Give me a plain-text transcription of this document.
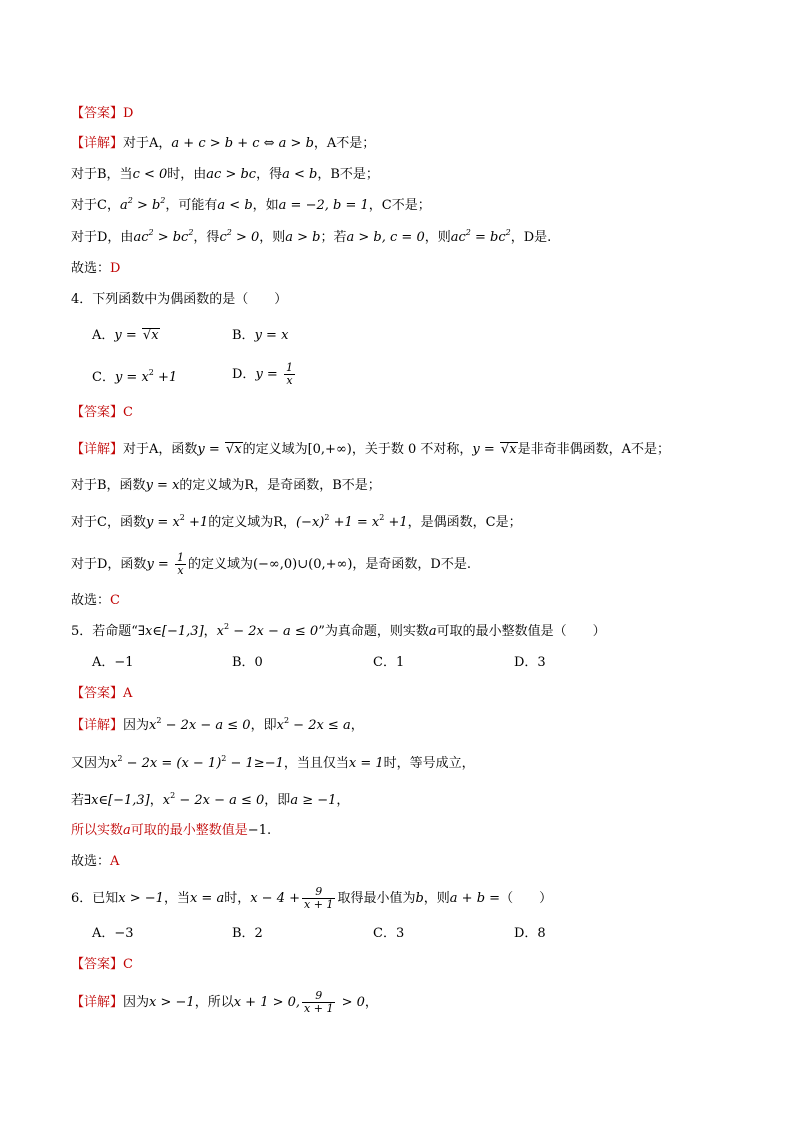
【答案】D
【详解】对于A，a + c > b + c ⇔ a > b，A不是；
对于B，当c < 0时，由ac > bc，得a < b，B不是；
对于C，$a^2 > b^2$，可能有a < b，如a = −2, b = 1，C不是；
对于D，由$ac^2 > bc^2$，得$c^2 > 0$，则a > b；若a > b, c = 0，则$ac^2 = bc^2$，D是.
故选：D
4．下列函数中为偶函数的是（　　）
A．y = √x	B．y = x
C．$y = x^2 +1$	D．$y = \frac{1}{x}$
【答案】C
【详解】对于A，函数y = √x的定义域为[0,+∞)，关于数 0 不对称，y = √x是非奇非偶函数，A不是；
对于B，函数y = x的定义域为R，是奇函数，B不是；
对于C，函数$y = x^2 +1$的定义域为R，$(-x)^2 +1 = x^2 +1$，是偶函数，C是；
对于D，函数$y = \frac{1}{x}$ 的定义域为(−∞,0)∪(0,+∞)，是奇函数，D不是.
故选：C
5．若命题“∃x∈[−1,3]，$x^2 - 2x - a \le 0$”为真命题，则实数a可取的最小整数值是（　　）
A．−1	B．0	C．1	D．3
【答案】A
【详解】因为$x^2 - 2x - a \le 0$，即$x^2 - 2x \le a$，
又因为$x^2 - 2x = (x - 1)^2 - 1\ge-1$，当且仅当x = 1时，等号成立，
若∃x∈[−1,3]，$x^2 - 2x - a \le 0$，即a ≥ −1，
所以实数a可取的最小整数值是−1.
故选：A
6．已知x > −1，当x = a时，$x - 4 + \frac{9}{x + 1}$ 取得最小值为b，则a + b =（　　）
A．−3	B．2	C．3	D．8
【答案】C
【详解】因为x > −1，所以x + 1 > 0, $\frac{9}{x + 1} > 0$，
